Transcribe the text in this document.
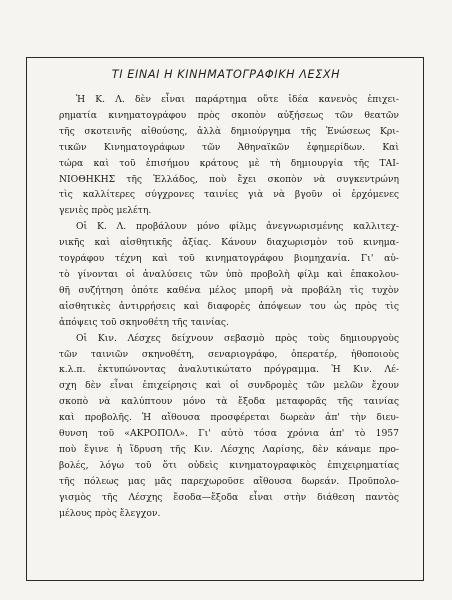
ΤΙ ΕΙΝΑΙ Η ΚΙΝΗΜΑΤΟΓΡΑΦΙΚΗ ΛΕΣΧΗ
Ἡ Κ. Λ. δὲν εἶναι παράρτημα οὔτε ἰδέα κανενὸς ἐπιχει-
ρηματία κινηματογράφου πρὸς σκοπὸν αὐξήσεως τῶν θεατῶν
τῆς σκοτεινῆς αἰθούσης, ἀλλὰ δημιούργημα τῆς Ἑνώσεως Κρι-
τικῶν Κινηματογράφων τῶν Ἀθηναϊκῶν ἐφημερίδων. Καὶ
τώρα καὶ τοῦ ἐπισήμου κράτους μὲ τὴ δημιουργία τῆς ΤΑΙ-
ΝΙΟΘΗΚΗΣ τῆς Ἑλλάδος, ποὺ ἔχει σκοπὸν νὰ συγκεντρώνη
τὶς καλλίτερες σύγχρονες ταινίες γιὰ νὰ βγοῦν οἱ ἐρχόμενες
γενιὲς πρὸς μελέτη.
Οἱ Κ. Λ. προβάλουν μόνο φίλμς ἀνεγνωρισμένης καλλιτεχ-
νικῆς καὶ αἰσθητικῆς ἀξίας. Κάνουν διαχωρισμὸν τοῦ κινημα-
τογράφου τέχνη καὶ τοῦ κινηματογράφου βιομηχανία. Γι' αὐ-
τὸ γίνονται οἱ ἀναλύσεις τῶν ὑπὸ προβολὴ φίλμ καὶ ἐπακολου-
θῆ συζήτηση ὁπότε καθένα μέλος μπορῆ νὰ προβάλη τὶς τυχὸν
αἰσθητικὲς ἀντιρρήσεις καὶ διαφορὲς ἀπόψεων του ὡς πρὸς τὶς
ἀπόψεις τοῦ σκηνοθέτη τῆς ταινίας.
Οἱ Κιν. Λέσχες δείχνουν σεβασμὸ πρὸς τοὺς δημιουργοὺς
τῶν ταινιῶν σκηνοθέτη, σεναριογράφο, ὀπερατέρ, ἠθοποιοὺς
κ.λ.π. ἐκτυπώνοντας ἀναλυτικώτατο πρόγραμμα. Ἡ Κιν. Λέ-
σχη δὲν εἶναι ἐπιχείρησις καὶ οἱ συνδρομὲς τῶν μελῶν ἔχουν
σκοπὸ νὰ καλύπτουν μόνο τὰ ἔξοδα μεταφορᾶς τῆς ταινίας
καὶ προβολῆς. Ἡ αἴθουσα προσφέρεται δωρεὰν ἀπ' τὴν διευ-
θυνση τοῦ «ΑΚΡΟΠΟΛ». Γι' αὐτὸ τόσα χρόνια ἀπ' τὸ 1957
ποὺ ἔγινε ἡ ἵδρυση τῆς Κιν. Λέσχης Λαρίσης, δὲν κάναμε προ-
βολές, λόγω τοῦ ὅτι οὐδεὶς κινηματογραφικὸς ἐπιχειρηματίας
τῆς πόλεως μας μᾶς παρεχωροῦσε αἴθουσα δωρεάν. Προϋπολο-
γισμὸς τῆς Λέσχης ἔσοδα—ἔξοδα εἶναι στὴν διάθεση παντὸς
μέλους πρὸς ἔλεγχον.
